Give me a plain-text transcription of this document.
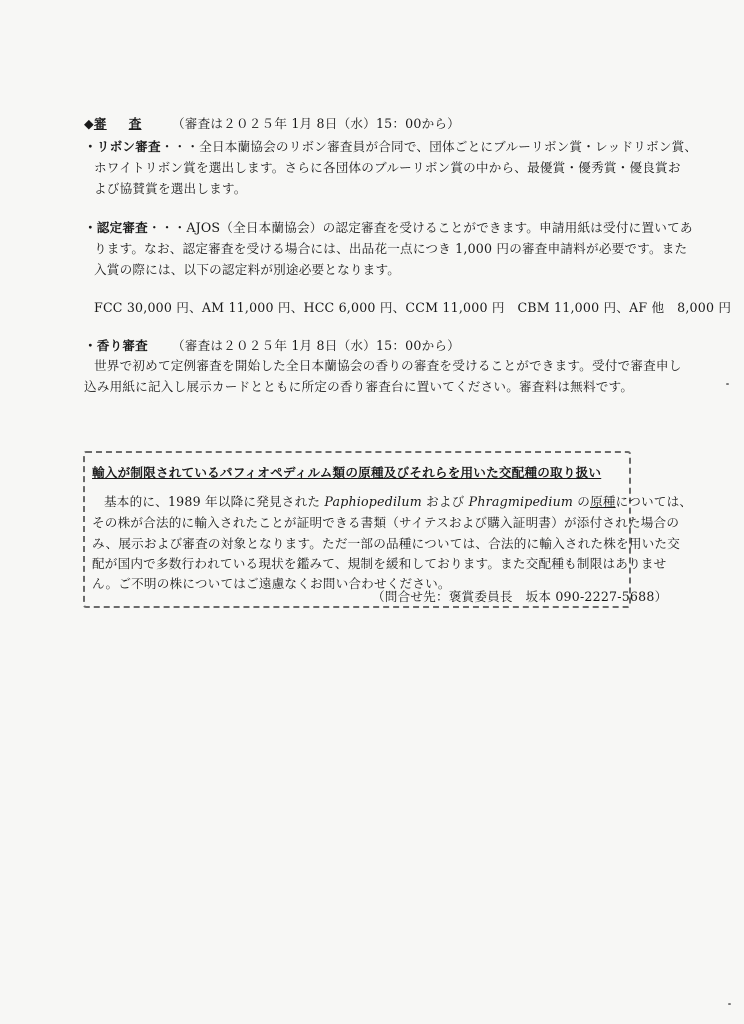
◆審 査 （審査は２０２５年 1月 8日（水）15：00から）
・リボン審査・・・全日本蘭協会のリボン審査員が合同で、団体ごとにブルーリボン賞・レッドリボン賞、
ホワイトリボン賞を選出します。さらに各団体のブルーリボン賞の中から、最優賞・優秀賞・優良賞お
よび協賛賞を選出します。
・認定審査・・・AJOS（全日本蘭協会）の認定審査を受けることができます。申請用紙は受付に置いてあ
ります。なお、認定審査を受ける場合には、出品花一点につき 1,000 円の審査申請料が必要です。また
入賞の際には、以下の認定料が別途必要となります。
FCC 30,000 円、AM 11,000 円、HCC 6,000 円、CCM 11,000 円　CBM 11,000 円、AF 他　8,000 円
・香り審査 （審査は２０２５年 1月 8日（水）15：00から）
世界で初めて定例審査を開始した全日本蘭協会の香りの審査を受けることができます。受付で審査申し
込み用紙に記入し展示カードとともに所定の香り審査台に置いてください。審査料は無料です。
輸入が制限されているパフィオペディルム類の原種及びそれらを用いた交配種の取り扱い
基本的に、1989 年以降に発見された Paphiopedilum および Phragmipedium の原種については、
その株が合法的に輸入されたことが証明できる書類（サイテスおよび購入証明書）が添付された場合の
み、展示および審査の対象となります。ただ一部の品種については、合法的に輸入された株を用いた交
配が国内で多数行われている現状を鑑みて、規制を緩和しております。また交配種も制限はありませ
ん。ご不明の株についてはご遠慮なくお問い合わせください。
（問合せ先：褒賞委員長　坂本 090-2227-5688）
